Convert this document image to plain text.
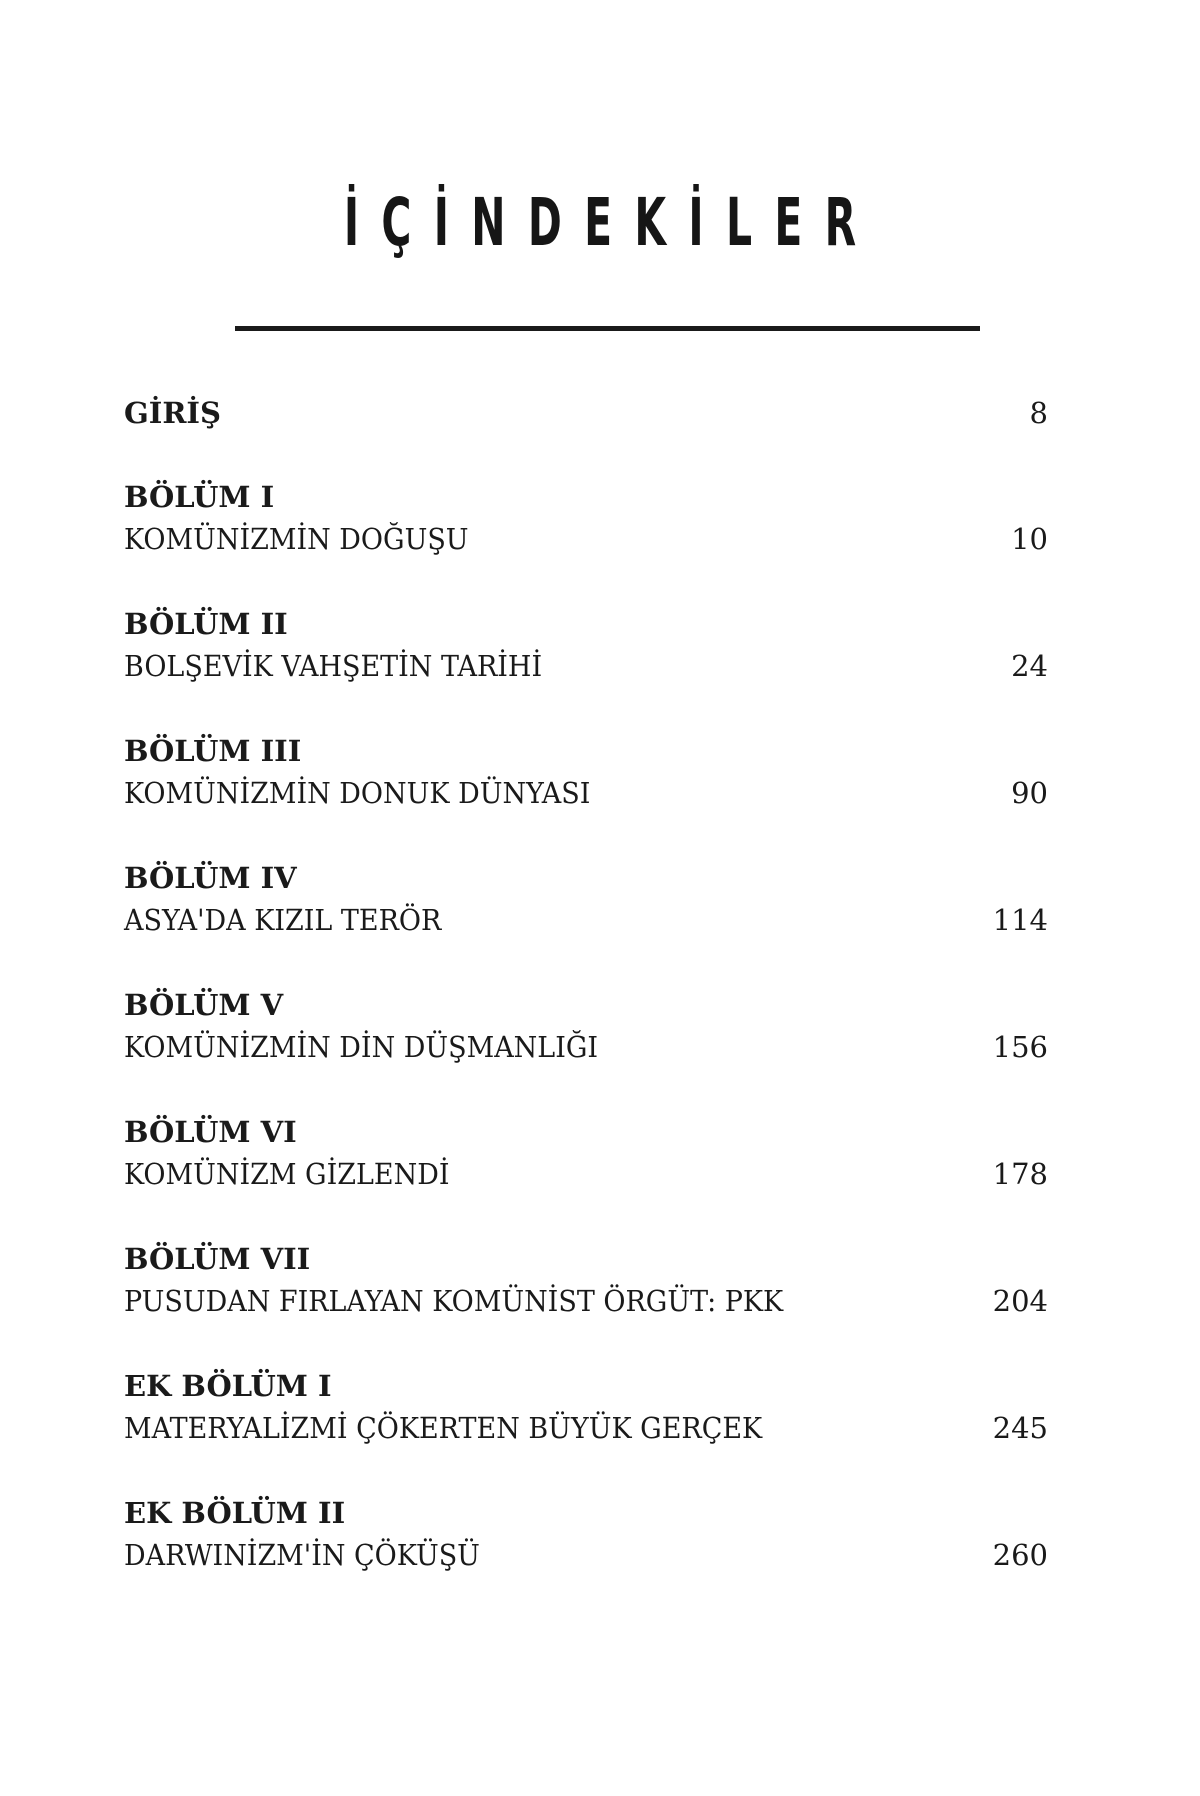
İÇİNDEKİLER
GİRİŞ	8
BÖLÜM I
KOMÜNİZMİN DOĞUŞU	10
BÖLÜM II
BOLŞEVİK VAHŞETİN TARİHİ	24
BÖLÜM III
KOMÜNİZMİN DONUK DÜNYASI	90
BÖLÜM IV
ASYA'DA KIZIL TERÖR	114
BÖLÜM V
KOMÜNİZMİN DİN DÜŞMANLIĞI	156
BÖLÜM VI
KOMÜNİZM GİZLENDİ	178
BÖLÜM VII
PUSUDAN FIRLAYAN KOMÜNİST ÖRGÜT: PKK	204
EK BÖLÜM I
MATERYALİZMİ ÇÖKERTEN BÜYÜK GERÇEK	245
EK BÖLÜM II
DARWINİZM'İN ÇÖKÜŞÜ	260
